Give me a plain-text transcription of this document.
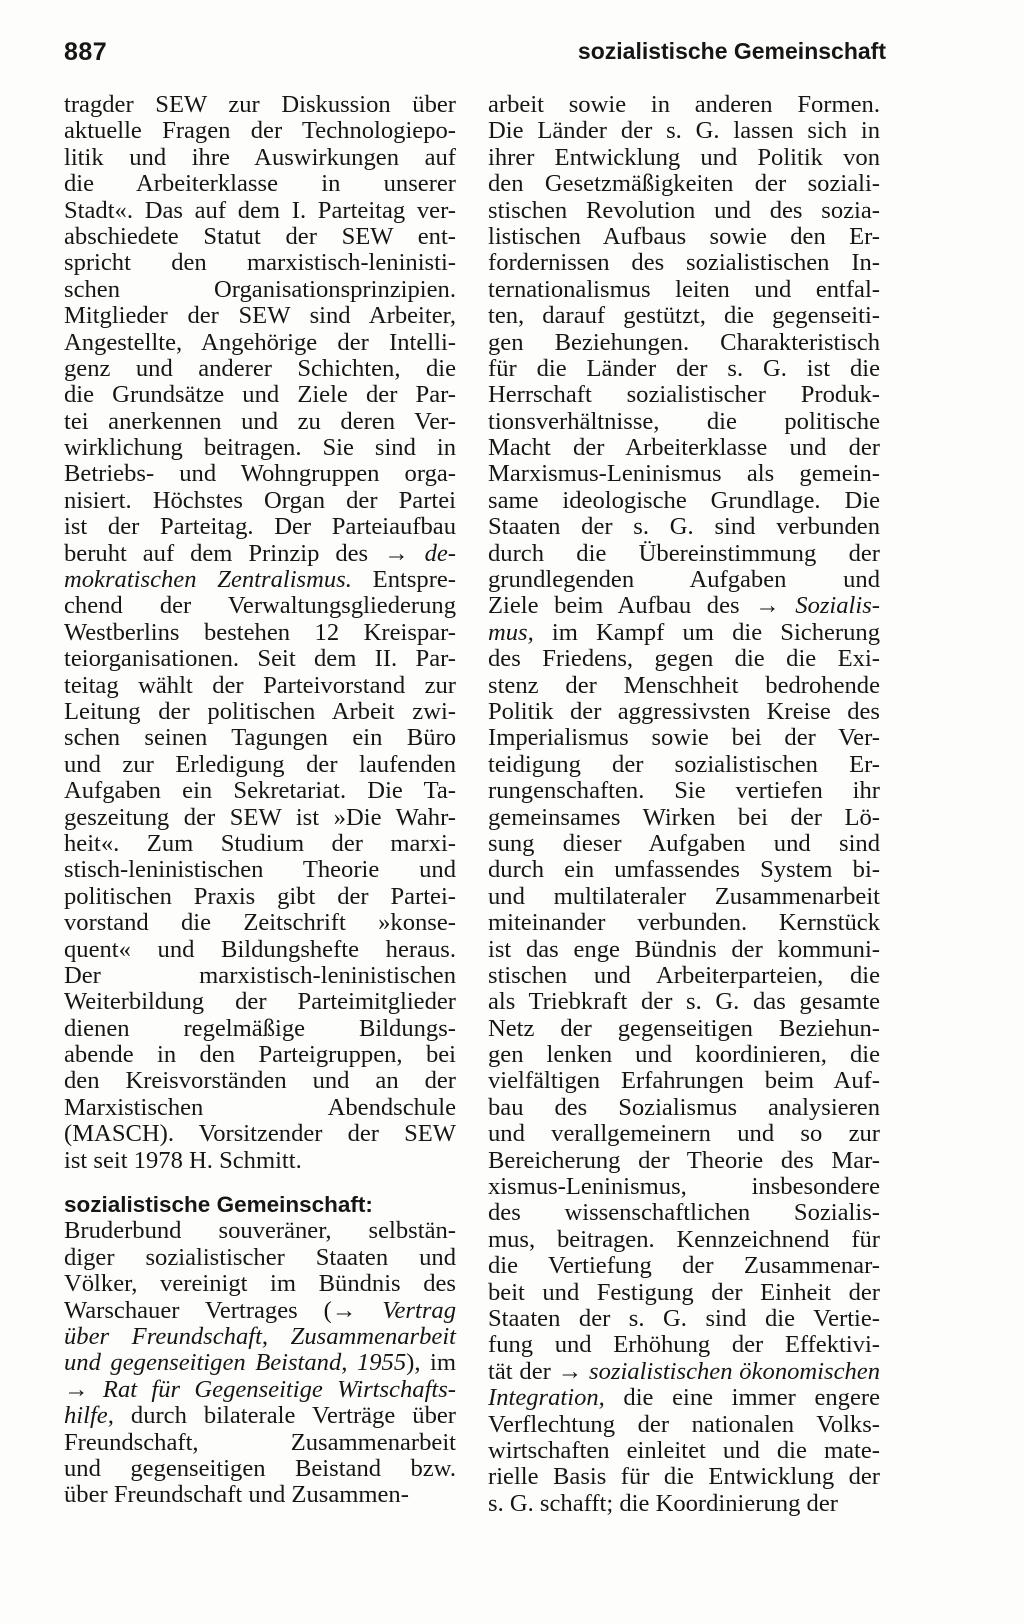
887	sozialistische Gemeinschaft
tragder SEW zur Diskussion über
aktuelle Fragen der Technologiepo-
litik und ihre Auswirkungen auf
die Arbeiterklasse in unserer
Stadt«. Das auf dem I. Parteitag ver-
abschiedete Statut der SEW ent-
spricht den marxistisch-leninisti-
schen Organisationsprinzipien.
Mitglieder der SEW sind Arbeiter,
Angestellte, Angehörige der Intelli-
genz und anderer Schichten, die
die Grundsätze und Ziele der Par-
tei anerkennen und zu deren Ver-
wirklichung beitragen. Sie sind in
Betriebs- und Wohngruppen orga-
nisiert. Höchstes Organ der Partei
ist der Parteitag. Der Parteiaufbau
beruht auf dem Prinzip des → de-
mokratischen Zentralismus. Entspre-
chend der Verwaltungsgliederung
Westberlins bestehen 12 Kreispar-
teiorganisationen. Seit dem II. Par-
teitag wählt der Parteivorstand zur
Leitung der politischen Arbeit zwi-
schen seinen Tagungen ein Büro
und zur Erledigung der laufenden
Aufgaben ein Sekretariat. Die Ta-
geszeitung der SEW ist »Die Wahr-
heit«. Zum Studium der marxi-
stisch-leninistischen Theorie und
politischen Praxis gibt der Partei-
vorstand die Zeitschrift »konse-
quent« und Bildungshefte heraus.
Der marxistisch-leninistischen
Weiterbildung der Parteimitglieder
dienen regelmäßige Bildungs-
abende in den Parteigruppen, bei
den Kreisvorständen und an der
Marxistischen Abendschule
(MASCH). Vorsitzender der SEW
ist seit 1978 H. Schmitt.
sozialistische Gemeinschaft:
Bruderbund souveräner, selbstän-
diger sozialistischer Staaten und
Völker, vereinigt im Bündnis des
Warschauer Vertrages (→ Vertrag
über Freundschaft, Zusammenarbeit
und gegenseitigen Beistand, 1955), im
→ Rat für Gegenseitige Wirtschafts-
hilfe, durch bilaterale Verträge über
Freundschaft, Zusammenarbeit
und gegenseitigen Beistand bzw.
über Freundschaft und Zusammen-
arbeit sowie in anderen Formen.
Die Länder der s. G. lassen sich in
ihrer Entwicklung und Politik von
den Gesetzmäßigkeiten der soziali-
stischen Revolution und des sozia-
listischen Aufbaus sowie den Er-
fordernissen des sozialistischen In-
ternationalismus leiten und entfal-
ten, darauf gestützt, die gegenseiti-
gen Beziehungen. Charakteristisch
für die Länder der s. G. ist die
Herrschaft sozialistischer Produk-
tionsverhältnisse, die politische
Macht der Arbeiterklasse und der
Marxismus-Leninismus als gemein-
same ideologische Grundlage. Die
Staaten der s. G. sind verbunden
durch die Übereinstimmung der
grundlegenden Aufgaben und
Ziele beim Aufbau des → Sozialis-
mus, im Kampf um die Sicherung
des Friedens, gegen die die Exi-
stenz der Menschheit bedrohende
Politik der aggressivsten Kreise des
Imperialismus sowie bei der Ver-
teidigung der sozialistischen Er-
rungenschaften. Sie vertiefen ihr
gemeinsames Wirken bei der Lö-
sung dieser Aufgaben und sind
durch ein umfassendes System bi-
und multilateraler Zusammenarbeit
miteinander verbunden. Kernstück
ist das enge Bündnis der kommuni-
stischen und Arbeiterparteien, die
als Triebkraft der s. G. das gesamte
Netz der gegenseitigen Beziehun-
gen lenken und koordinieren, die
vielfältigen Erfahrungen beim Auf-
bau des Sozialismus analysieren
und verallgemeinern und so zur
Bereicherung der Theorie des Mar-
xismus-Leninismus, insbesondere
des wissenschaftlichen Sozialis-
mus, beitragen. Kennzeichnend für
die Vertiefung der Zusammenar-
beit und Festigung der Einheit der
Staaten der s. G. sind die Vertie-
fung und Erhöhung der Effektivi-
tät der → sozialistischen ökonomischen
Integration, die eine immer engere
Verflechtung der nationalen Volks-
wirtschaften einleitet und die mate-
rielle Basis für die Entwicklung der
s. G. schafft; die Koordinierung der
